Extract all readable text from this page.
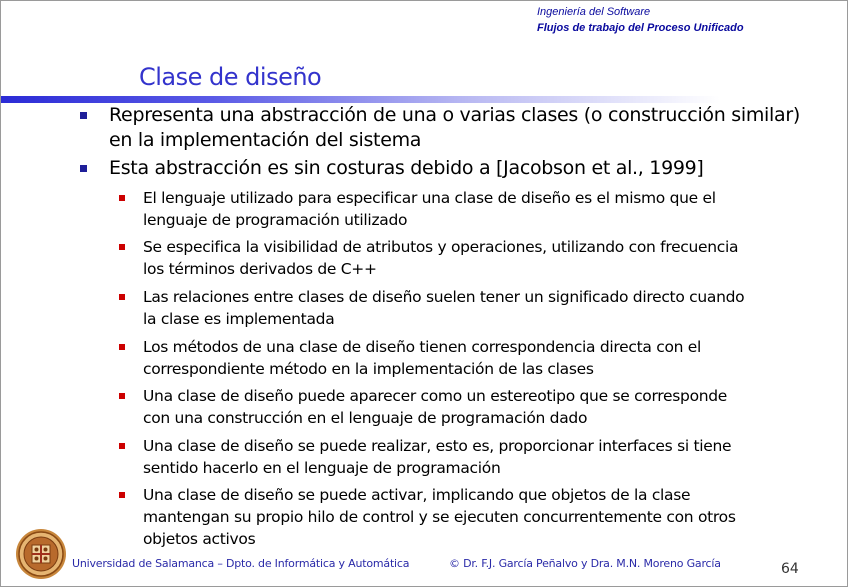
Ingeniería del Software
Flujos de trabajo del Proceso Unificado
Clase de diseño
Representa una abstracción de una o varias clases (o construcción similar)
en la implementación del sistema
Esta abstracción es sin costuras debido a [Jacobson et al., 1999]
El lenguaje utilizado para especificar una clase de diseño es el mismo que el
lenguaje de programación utilizado
Se especifica la visibilidad de atributos y operaciones, utilizando con frecuencia
los términos derivados de C++
Las relaciones entre clases de diseño suelen tener un significado directo cuando
la clase es implementada
Los métodos de una clase de diseño tienen correspondencia directa con el
correspondiente método en la implementación de las clases
Una clase de diseño puede aparecer como un estereotipo que se corresponde
con una construcción en el lenguaje de programación dado
Una clase de diseño se puede realizar, esto es, proporcionar interfaces si tiene
sentido hacerlo en el lenguaje de programación
Una clase de diseño se puede activar, implicando que objetos de la clase
mantengan su propio hilo de control y se ejecuten concurrentemente con otros
objetos activos
Universidad de Salamanca – Dpto. de Informática y Automática	© Dr. F.J. García Peñalvo y Dra. M.N. Moreno García	64
